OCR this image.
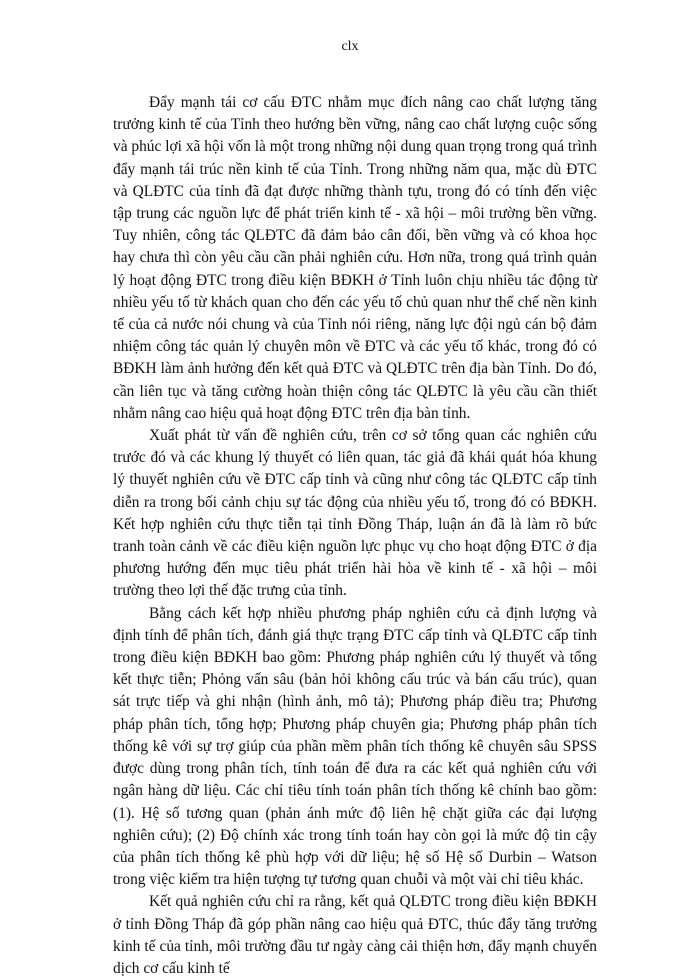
clx

Đẩy mạnh tái cơ cấu ĐTC nhằm mục đích nâng cao chất lượng tăng trưởng kinh tế của Tỉnh theo hướng bền vững, nâng cao chất lượng cuộc sống và phúc lợi xã hội vốn là một trong những nội dung quan trọng trong quá trình đẩy mạnh tái trúc nền kinh tế của Tỉnh. Trong những năm qua, mặc dù ĐTC và QLĐTC của tỉnh đã đạt được những thành tựu, trong đó có tính đến việc tập trung các nguồn lực để phát triển kinh tế - xã hội – môi trường bền vững. Tuy nhiên, công tác QLĐTC đã đảm bảo cân đối, bền vững và có khoa học hay chưa thì còn yêu cầu cần phải nghiên cứu. Hơn nữa, trong quá trình quản lý hoạt động ĐTC trong điều kiện BĐKH ở Tỉnh luôn chịu nhiều tác động từ nhiều yếu tố từ khách quan cho đến các yếu tố chủ quan như thể chế nền kinh tế của cả nước nói chung và của Tỉnh nói riêng, năng lực đội ngủ cán bộ đảm nhiệm công tác quản lý chuyên môn về ĐTC và các yếu tố khác, trong đó có BĐKH làm ảnh hưởng đến kết quả ĐTC và QLĐTC trên địa bàn Tỉnh. Do đó, cần liên tục và tăng cường hoàn thiện công tác QLĐTC là yêu cầu cần thiết nhằm nâng cao hiệu quả hoạt động ĐTC trên địa bàn tỉnh.

Xuất phát từ vấn đề nghiên cứu, trên cơ sở tổng quan các nghiên cứu trước đó và các khung lý thuyết có liên quan, tác giả đã khái quát hóa khung lý thuyết nghiên cứu về ĐTC cấp tỉnh và cũng như công tác QLĐTC cấp tỉnh diễn ra trong bối cảnh chịu sự tác động của nhiều yếu tố, trong đó có BĐKH. Kết hợp nghiên cứu thực tiễn tại tỉnh Đồng Tháp, luận án đã là làm rõ bức tranh toàn cảnh về các điều kiện nguồn lực phục vụ cho hoạt động ĐTC ở địa phương hướng đến mục tiêu phát triển hài hòa về kinh tế - xã hội – môi trường theo lợi thế đặc trưng của tỉnh.

Bằng cách kết hợp nhiều phương pháp nghiên cứu cả định lượng và định tính để phân tích, đánh giá thực trạng ĐTC cấp tỉnh và QLĐTC cấp tỉnh trong điều kiện BĐKH bao gồm: Phương pháp nghiên cứu lý thuyết và tổng kết thực tiễn; Phỏng vấn sâu (bản hỏi không cấu trúc và bán cấu trúc), quan sát trực tiếp và ghi nhận (hình ảnh, mô tả); Phương pháp điều tra; Phương pháp phân tích, tổng hợp; Phương pháp chuyên gia; Phương pháp phân tích thống kê với sự trợ giúp của phần mềm phân tích thống kê chuyên sâu SPSS được dùng trong phân tích, tính toán để đưa ra các kết quả nghiên cứu với ngân hàng dữ liệu. Các chỉ tiêu tính toán phân tích thống kê chính bao gồm: (1). Hệ số tương quan (phản ánh mức độ liên hệ chặt giữa các đại lượng nghiên cứu); (2) Độ chính xác trong tính toán hay còn gọi là mức độ tin cậy của phân tích thống kê phù hợp với dữ liệu; hệ số Hệ số Durbin – Watson trong việc kiểm tra hiện tượng tự tương quan chuỗi và một vài chỉ tiêu khác.

Kết quả nghiên cứu chỉ ra rằng, kết quả QLĐTC trong điều kiện BĐKH ở tỉnh Đồng Tháp đã góp phần nâng cao hiệu quả ĐTC, thúc đẩy tăng trưởng kinh tế của tỉnh, môi trường đầu tư ngày càng cải thiện hơn, đẩy mạnh chuyển dịch cơ cấu kinh tế
